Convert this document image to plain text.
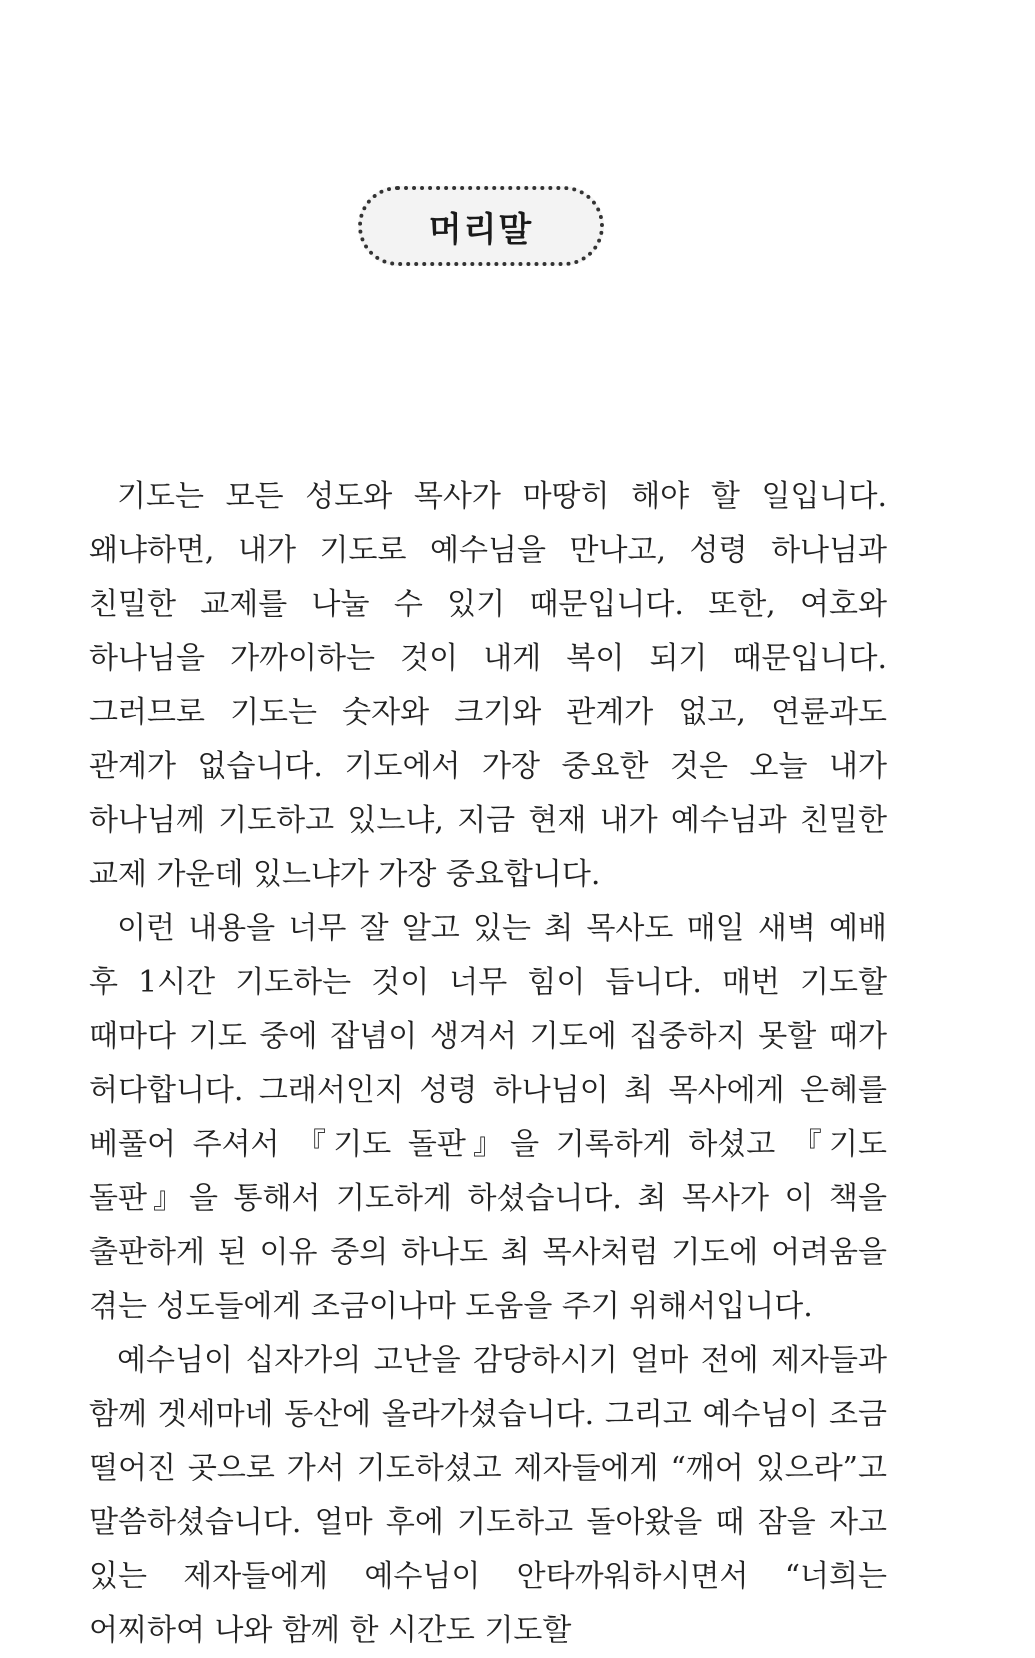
머리말

기도는 모든 성도와 목사가 마땅히 해야 할 일입니다. 왜냐하면, 내가 기도로 예수님을 만나고, 성령 하나님과 친밀한 교제를 나눌 수 있기 때문입니다. 또한, 여호와 하나님을 가까이하는 것이 내게 복이 되기 때문입니다. 그러므로 기도는 숫자와 크기와 관계가 없고, 연륜과도 관계가 없습니다. 기도에서 가장 중요한 것은 오늘 내가 하나님께 기도하고 있느냐, 지금 현재 내가 예수님과 친밀한 교제 가운데 있느냐가 가장 중요합니다.

이런 내용을 너무 잘 알고 있는 최 목사도 매일 새벽 예배 후 1시간 기도하는 것이 너무 힘이 듭니다. 매번 기도할 때마다 기도 중에 잡념이 생겨서 기도에 집중하지 못할 때가 허다합니다. 그래서인지 성령 하나님이 최 목사에게 은혜를 베풀어 주셔서 『기도 돌판』을 기록하게 하셨고 『기도 돌판』을 통해서 기도하게 하셨습니다. 최 목사가 이 책을 출판하게 된 이유 중의 하나도 최 목사처럼 기도에 어려움을 겪는 성도들에게 조금이나마 도움을 주기 위해서입니다.

예수님이 십자가의 고난을 감당하시기 얼마 전에 제자들과 함께 겟세마네 동산에 올라가셨습니다. 그리고 예수님이 조금 떨어진 곳으로 가서 기도하셨고 제자들에게 “깨어 있으라”고 말씀하셨습니다. 얼마 후에 기도하고 돌아왔을 때 잠을 자고 있는 제자들에게 예수님이 안타까워하시면서 “너희는 어찌하여 나와 함께 한 시간도 기도할
